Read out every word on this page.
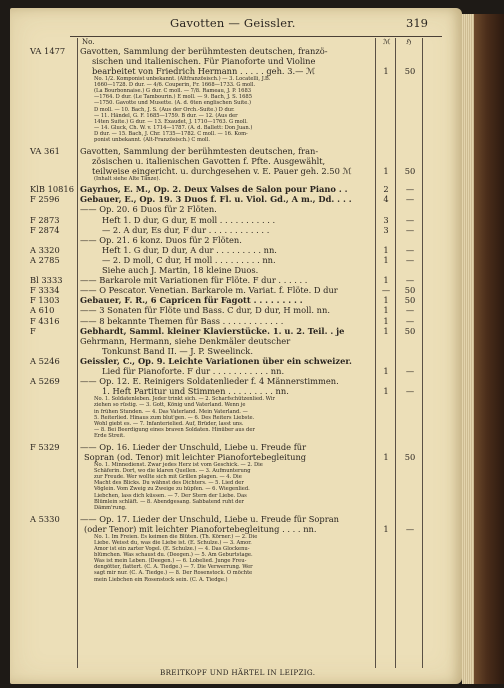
Gavotten — Geissler.	319
No.	ℳ ℌ
VA 1477	Gavotten, Sammlung der berühmtesten deutschen, franzö-
sischen und italienischen. Für Pianoforte und Violine
bearbeitet von Friedrich Hermann . . . . . geh. 3.— ℳ	1	50
No. 1/2. Komponist unbekannt. (Altfranzösisch.) — 3. Locatelli, J.B.
1660—1728. D dur. — 4/6. Couperin, Fr. 1668—1733. G moll.
(La Bourbonnaise.) G dur. C moll. — 7/8. Rameau, J. P. 1683
—1764. D dur. (Le Tambourin.) E moll. — 9. Bach, J. S. 1685
—1750. Gavotte und Musette. (A. d. 6ten englischen Suite.)
D moll. — 10. Bach, J. S. (Aus der Orch.-Suite.) D dur.
— 11. Händel, G. F. 1685—1759. B dur. — 12. (Aus der
14ten Suite.) G dur. — 13. Exaudet, J. 1710—1763. G moll.
— 14. Gluck, Ch. W. v. 1714—1787. (A. d. Ballett: Don Juan.)
D dur. — 15. Bach, J. Chr. 1735—1782. C moll. — 16. Kom-
ponist unbekannt. (Alt-Französisch.) C moll.
VA 361	Gavotten, Sammlung der berühmtesten deutschen, fran-
zösischen u. italienischen Gavotten f. Pfte. Ausgewählt,
teilweise eingericht. u. durchgesehen v. E. Pauer geh. 2.50 ℳ	1	50
(Inhalt siehe Alte Tänze).
KlB 10816 Gayrhos, E. M., Op. 2. Deux Valses de Salon pour Piano . .	2	—
F 2596	Gebauer, E., Op. 19. 3 Duos f. Fl. u. Viol. Gd., A m., Dd. . . .	4	—
—— Op. 20. 6 Duos für 2 Flöten.
F 2873	Heft 1. D dur, G dur, E moll . . . . . . . . . . .	3	—
F 2874	— 2. A dur, Es dur, F dur . . . . . . . . . . . .	3	—
—— Op. 21. 6 konz. Duos für 2 Flöten.
A 3320	Heft 1. G dur, D dur, A dur . . . . . . . . . nn.	1	—
A 2785	— 2. D moll, C dur, H moll . . . . . . . . . nn.	1	—
Siehe auch J. Martin, 18 kleine Duos.
Bl 3333	—— Barkarole mit Variationen für Flöte. F dur . . . . . .	1	—
F 3334	—— O Pescator. Venetian. Barkarole m. Variat. f. Flöte. D dur	—	50
F 1303	Gebauer, F. R., 6 Capricen für Fagott . . . . . . . . .	1	50
A 610	—— 3 Sonaten für Flöte und Bass. C dur, D dur, H moll. nn.	1	—
F 4316	—— 8 bekannte Themen für Bass . . . . . . . . . . . .	1	—
F	Gebhardt, Samml. kleiner Klavierstücke. 1. u. 2. Teil. . je	1	50
Gehrmann, Hermann, siehe Denkmäler deutscher
Tonkunst Band II. — J. P. Sweelinck.
A 5246	Geissler, C., Op. 9. Leichte Variationen über ein schweizer.
Lied für Pianoforte. F dur . . . . . . . . . . . nn.	1	—
A 5269	—— Op. 12. E. Reinigers Soldatenlieder f. 4 Männerstimmen.
1. Heft Partitur und Stimmen . . . . . . . . . nn.	1	—
No. 1. Soldatenleben. Jeder trinkt sich. — 2. Scharfschützenlied. Wir
ziehen so rüstig. — 3. Gott, König und Vaterland. Wenn je
in frühen Stunden. — 4. Das Vaterland. Mein Vaterland. —
5. Reiterlied. Hinaus zum blut'gen. — 6. Des Reiters Liebste.
Wohl giebt es. — 7. Infanterielied. Auf, Brüder, lasst uns.
— 8. Bei Beerdigung eines braven Soldaten. Hinüber aus der
Erde Streit.
F 5329	—— Op. 16. Lieder der Unschuld, Liebe u. Freude für
Sopran (od. Tenor) mit leichter Pianofortebegleitung	1	50
No. 1. Minnedienst. Zwar jedes Herz ist vom Geschick. — 2. Die
Schäferin. Dort, wo die klaren Quellen. — 3. Aufmunterung
zur Freude. Wer wollte sich mit Grillen plagen. — 4. Die
Macht des Blicks. Du wähnst des Dichters. — 5. Lied der
Vöglein. Vom Zweig zu Zweige zu hüpfen. — 6. Wiegenlied.
Liebchen, lass dich küssen. — 7. Der Stern der Liebe. Das
Blümlein schläft. — 8. Abendgesang. Sabbatend ruht der
Dämm'rung.
A 5330	—— Op. 17. Lieder der Unschuld, Liebe u. Freude für Sopran
(oder Tenor) mit leichter Pianofortebegleitung . . . . nn.	1	—
No. 1. Im Freien. Es keimen die Blüten. (Th. Körner.) — 2. Die
Liebe. Weisst du, was die Liebe ist. (E. Schulze.) — 3. Amor.
Amor ist ein zarter Vogel. (E. Schulze.) — 4. Das Glockenu-
blümchen. Was schaust du. (Deegen.) — 5. Am Geburtstage.
Was ist mein Leben. (Deegen.) — 6. Lobelied. Junge Freu-
dengötter, flattert. (C. A. Tiedge.) — 7. Die Verwerrung. Wer
sagt mir nur. (C. A. Tiedge.) — 8. Der Rosenstock. O möchte
mein Liebchen ein Rosenstock sein. (C. A. Tiedge.)
BREITKOPF UND HÄRTEL IN LEIPZIG.
